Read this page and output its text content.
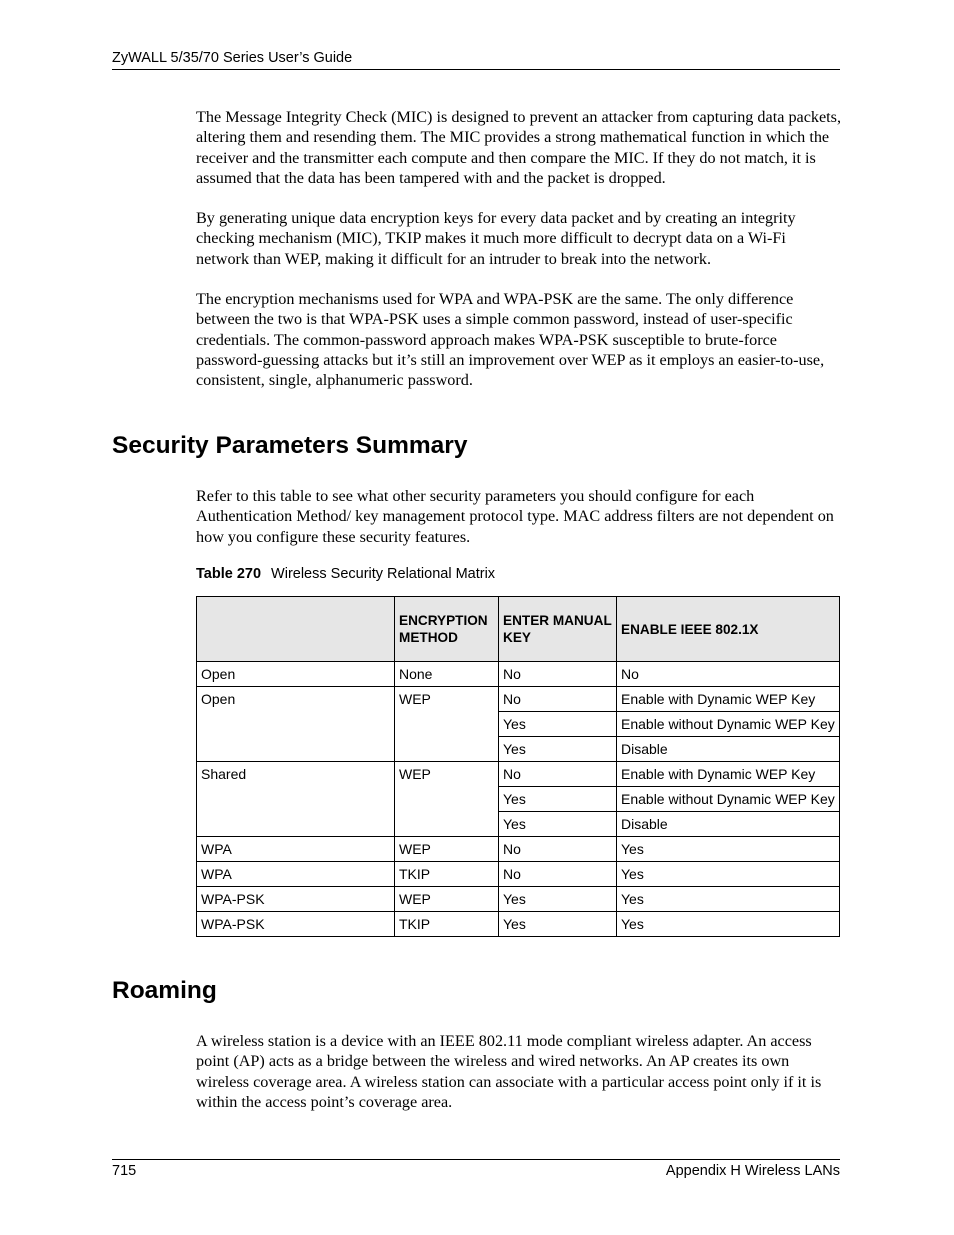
ZyWALL 5/35/70 Series User’s Guide

The Message Integrity Check (MIC) is designed to prevent an attacker from capturing data packets, altering them and resending them. The MIC provides a strong mathematical function in which the receiver and the transmitter each compute and then compare the MIC. If they do not match, it is assumed that the data has been tampered with and the packet is dropped.

By generating unique data encryption keys for every data packet and by creating an integrity checking mechanism (MIC), TKIP makes it much more difficult to decrypt data on a Wi-Fi network than WEP, making it difficult for an intruder to break into the network.

The encryption mechanisms used for WPA and WPA-PSK are the same. The only difference between the two is that WPA-PSK uses a simple common password, instead of user-specific credentials. The common-password approach makes WPA-PSK susceptible to brute-force password-guessing attacks but it’s still an improvement over WEP as it employs an easier-to-use, consistent, single, alphanumeric password.

Security Parameters Summary

Refer to this table to see what other security parameters you should configure for each Authentication Method/ key management protocol type. MAC address filters are not dependent on how you configure these security features.

Table 270 Wireless Security Relational Matrix
	ENCRYPTION METHOD	ENTER MANUAL KEY	ENABLE IEEE 802.1X
Open	None	No	No
Open	WEP	No	Enable with Dynamic WEP Key
		Yes	Enable without Dynamic WEP Key
		Yes	Disable
Shared	WEP	No	Enable with Dynamic WEP Key
		Yes	Enable without Dynamic WEP Key
		Yes	Disable
WPA	WEP	No	Yes
WPA	TKIP	No	Yes
WPA-PSK	WEP	Yes	Yes
WPA-PSK	TKIP	Yes	Yes
Roaming

A wireless station is a device with an IEEE 802.11 mode compliant wireless adapter. An access point (AP) acts as a bridge between the wireless and wired networks. An AP creates its own wireless coverage area. A wireless station can associate with a particular access point only if it is within the access point’s coverage area.

715	Appendix H Wireless LANs
